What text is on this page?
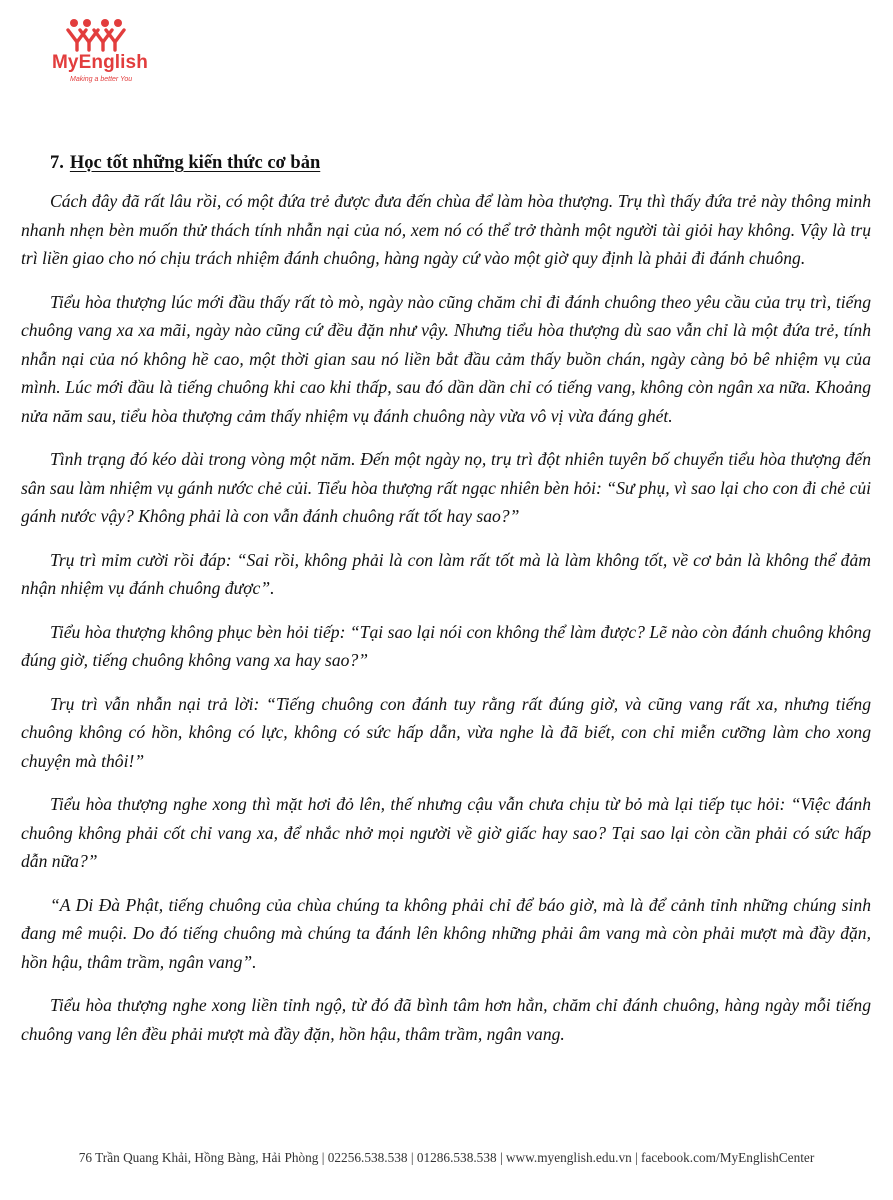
MyEnglish
Making a better You
7. Học tốt những kiến thức cơ bản

Cách đây đã rất lâu rồi, có một đứa trẻ được đưa đến chùa để làm hòa thượng. Trụ thì thấy đứa trẻ này thông minh nhanh nhẹn bèn muốn thử thách tính nhẫn nại của nó, xem nó có thể trở thành một người tài giỏi hay không. Vậy là trụ trì liền giao cho nó chịu trách nhiệm đánh chuông, hàng ngày cứ vào một giờ quy định là phải đi đánh chuông.

Tiểu hòa thượng lúc mới đầu thấy rất tò mò, ngày nào cũng chăm chỉ đi đánh chuông theo yêu cầu của trụ trì, tiếng chuông vang xa xa mãi, ngày nào cũng cứ đều đặn như vậy. Nhưng tiểu hòa thượng dù sao vẫn chỉ là một đứa trẻ, tính nhẫn nại của nó không hề cao, một thời gian sau nó liền bắt đầu cảm thấy buồn chán, ngày càng bỏ bê nhiệm vụ của mình. Lúc mới đầu là tiếng chuông khi cao khi thấp, sau đó dần dần chỉ có tiếng vang, không còn ngân xa nữa. Khoảng nửa năm sau, tiểu hòa thượng cảm thấy nhiệm vụ đánh chuông này vừa vô vị vừa đáng ghét.

Tình trạng đó kéo dài trong vòng một năm. Đến một ngày nọ, trụ trì đột nhiên tuyên bố chuyển tiểu hòa thượng đến sân sau làm nhiệm vụ gánh nước chẻ củi. Tiểu hòa thượng rất ngạc nhiên bèn hỏi: “Sư phụ, vì sao lại cho con đi chẻ củi gánh nước vậy? Không phải là con vẫn đánh chuông rất tốt hay sao?”

Trụ trì mỉm cười rồi đáp: “Sai rồi, không phải là con làm rất tốt mà là làm không tốt, về cơ bản là không thể đảm nhận nhiệm vụ đánh chuông được”.

Tiểu hòa thượng không phục bèn hỏi tiếp: “Tại sao lại nói con không thể làm được? Lẽ nào còn đánh chuông không đúng giờ, tiếng chuông không vang xa hay sao?”

Trụ trì vẫn nhẫn nại trả lời: “Tiếng chuông con đánh tuy rằng rất đúng giờ, và cũng vang rất xa, nhưng tiếng chuông không có hồn, không có lực, không có sức hấp dẫn, vừa nghe là đã biết, con chỉ miễn cưỡng làm cho xong chuyện mà thôi!”

Tiểu hòa thượng nghe xong thì mặt hơi đỏ lên, thế nhưng cậu vẫn chưa chịu từ bỏ mà lại tiếp tục hỏi: “Việc đánh chuông không phải cốt chỉ vang xa, để nhắc nhở mọi người về giờ giấc hay sao? Tại sao lại còn cần phải có sức hấp dẫn nữa?”

“A Di Đà Phật, tiếng chuông của chùa chúng ta không phải chỉ để báo giờ, mà là để cảnh tỉnh những chúng sinh đang mê muội. Do đó tiếng chuông mà chúng ta đánh lên không những phải âm vang mà còn phải mượt mà đầy đặn, hồn hậu, thâm trầm, ngân vang”.

Tiểu hòa thượng nghe xong liền tỉnh ngộ, từ đó đã bình tâm hơn hẳn, chăm chỉ đánh chuông, hàng ngày mỗi tiếng chuông vang lên đều phải mượt mà đầy đặn, hồn hậu, thâm trầm, ngân vang.

76 Trần Quang Khải, Hồng Bàng, Hải Phòng | 02256.538.538 | 01286.538.538 | www.myenglish.edu.vn | facebook.com/MyEnglishCenter
